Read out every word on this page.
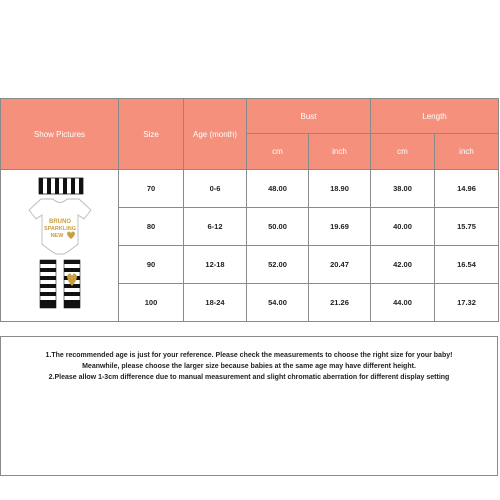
Show Pictures	Size	Age (month)	Bust		Length	
			cm	inch	cm	inch

BRUNO
SPARKLING
NEW	70	0-6	48.00	18.90	38.00	14.96
	80	6-12	50.00	19.69	40.00	15.75
	90	12-18	52.00	20.47	42.00	16.54
	100	18-24	54.00	21.26	44.00	17.32

1.The recommended age is just for your reference. Please check the measurements to choose the right size for your baby!

Meanwhile, please choose the larger size because babies at the same age may have different height.

2.Please allow 1-3cm difference due to manual measurement and slight chromatic aberration for different display setting
